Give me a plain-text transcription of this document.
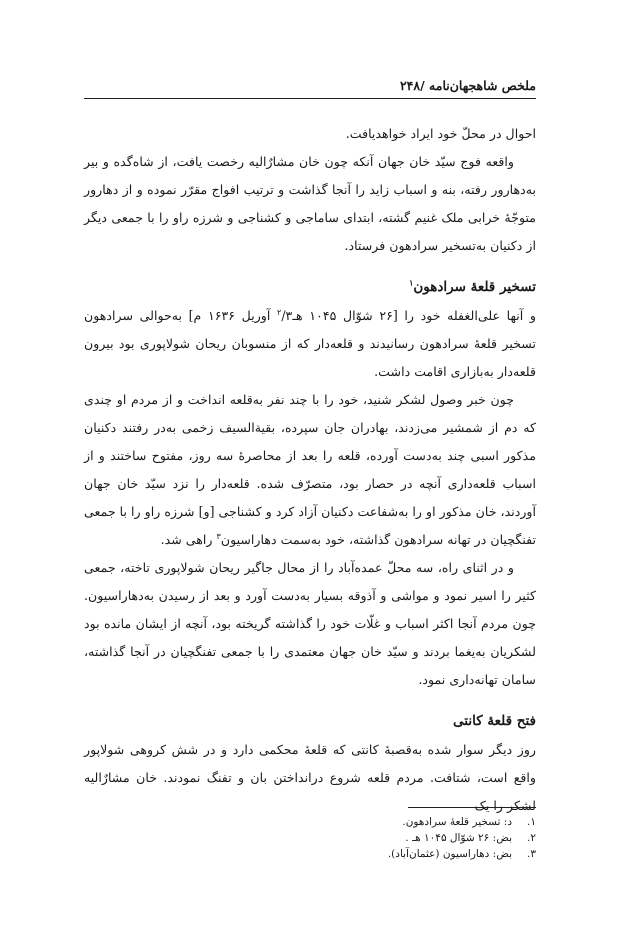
ملخص شاهجهان‌نامه /۲۴۸

احوال در محلّ خود ایراد خواهدیافت.

واقعه فوج سیّد خان جهان آنکه چون خان مشارٌالیه رخصت یافت، از شاه‌گده و بیر به‌دهارور رفته، بنه و اسباب زاید را آنجا گذاشت و ترتیب افواج مقرّر نموده و از دهارور متوجّهٔ خرابی ملک غنیم گشته، ابتدای ساماجی و کشناجی و شرزه راو را با جمعی دیگر از دکنیان به‌تسخیر سرادهون فرستاد.

تسخیر قلعهٔ سرادهون$^۱$

و آنها علی‌الغفله خود را [۲۶ شوّال ۱۰۴۵ هـ$^۲$/۳ آوریل ۱۶۳۶ م] به‌حوالی سرادهون تسخیر قلعهٔ سرادهون رسانیدند و قلعه‌دار که از منسوبان ریحان شولاپوری بود بیرون قلعه‌دار به‌بازاری اقامت داشت.

چون خبر وصول لشکر شنید، خود را با چند نفر به‌قلعه انداخت و از مردم او چندی که دم از شمشیر می‌زدند، بهادران جان سپرده، بقیةالسیف زخمی به‌در رفتند دکنیان مذکور اسبی چند به‌دست آورده، قلعه را بعد از محاصرهٔ سه روز، مفتوح ساختند و از اسباب قلعه‌داری آنچه در حصار بود، متصرّف شده. قلعه‌دار را نزد سیّد خان جهان آوردند، خان مذکور او را به‌شفاعت دکنیان آزاد کرد و کشناجی [و] شرزه راو را با جمعی تفنگچیان در تهانه سرادهون گذاشته، خود به‌سمت دهاراسیون$^۳$ راهی شد.

و در اثنای راه، سه محلّ عمده‌آباد را از محال جاگیر ریحان شولاپوری تاخته، جمعی کثیر را اسیر نمود و مواشی و آذوقه بسیار به‌دست آورد و بعد از رسیدن به‌دهاراسیون. چون مردم آنجا اکثر اسباب و غلّات خود را گذاشته گریخته بود، آنچه از ایشان مانده بود لشکریان به‌یغما بردند و سیّد خان جهان معتمدی را با جمعی تفنگچیان در آنجا گذاشته، سامان تهانه‌داری نمود.

فتح قلعهٔ کانتی

روز دیگر سوار شده به‌قصبهٔ کانتی که قلعهٔ محکمی دارد و در شش کروهی شولاپور واقع است، شتافت. مردم قلعه شروع درانداختن بان و تفنگ نمودند. خان مشارٌالیه لشکر را یک

۱.
د: تسخیر قلعهٔ سرادهون.
۲.
بض: ۲۶ شوّال ۱۰۴۵ هـ .
۳.
بض: دهاراسیون (عثمان‌آباد).
